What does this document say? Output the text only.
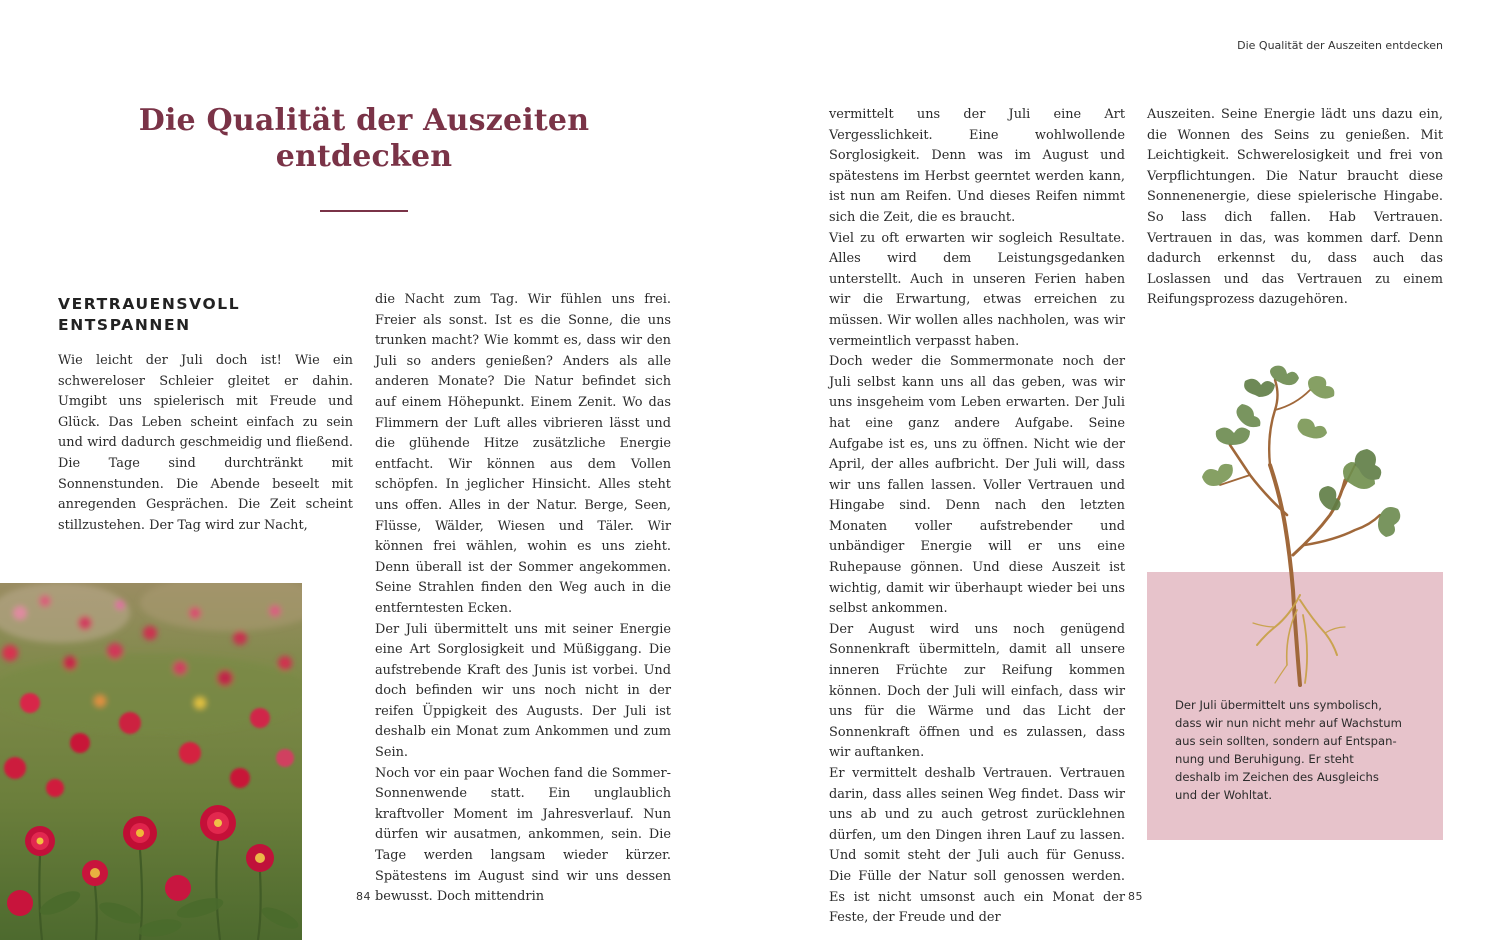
Die Qualität der Auszeiten entdecken
Die Qualität der Auszeiten
entdecken
VERTRAUENSVOLL
ENTSPANNEN

Wie leicht der Juli doch ist! Wie ein schwereloser Schleier gleitet er dahin. Umgibt uns spielerisch mit Freude und Glück. Das Leben scheint einfach zu sein und wird dadurch geschmeidig und fließend. Die Tage sind durchtränkt mit Sonnenstunden. Die Abende beseelt mit anregenden Gesprächen. Die Zeit scheint stillzustehen. Der Tag wird zur Nacht,

die Nacht zum Tag. Wir fühlen uns frei. Freier als sonst. Ist es die Sonne, die uns trunken macht? Wie kommt es, dass wir den Juli so anders genießen? Anders als alle anderen Monate? Die Natur befindet sich auf einem Höhepunkt. Einem Zenit. Wo das Flimmern der Luft alles vibrieren lässt und die glühende Hitze zusätzliche Energie entfacht. Wir können aus dem Vollen schöpfen. In jeglicher Hinsicht. Alles steht uns offen. Alles in der Natur. Berge, Seen, Flüsse, Wälder, Wiesen und Täler. Wir können frei wählen, wohin es uns zieht. Denn überall ist der Sommer angekommen. Seine Strahlen finden den Weg auch in die entferntesten Ecken.

Der Juli übermittelt uns mit seiner Energie eine Art Sorglosigkeit und Müßiggang. Die aufstrebende Kraft des Junis ist vorbei. Und doch befinden wir uns noch nicht in der reifen Üppigkeit des Augusts. Der Juli ist deshalb ein Monat zum Ankommen und zum Sein.

Noch vor ein paar Wochen fand die Sommer-Sonnenwende statt. Ein unglaublich kraftvoller Moment im Jahresverlauf. Nun dürfen wir ausatmen, ankommen, sein. Die Tage werden langsam wieder kürzer. Spätestens im August sind wir uns dessen bewusst. Doch mittendrin

vermittelt uns der Juli eine Art Vergesslichkeit. Eine wohlwollende Sorglosigkeit. Denn was im August und spätestens im Herbst geerntet werden kann, ist nun am Reifen. Und dieses Reifen nimmt sich die Zeit, die es braucht.

Viel zu oft erwarten wir sogleich Resultate. Alles wird dem Leistungsgedanken unterstellt. Auch in unseren Ferien haben wir die Erwartung, etwas erreichen zu müssen. Wir wollen alles nachholen, was wir vermeintlich verpasst haben.

Doch weder die Sommermonate noch der Juli selbst kann uns all das geben, was wir uns insgeheim vom Leben erwarten. Der Juli hat eine ganz andere Aufgabe. Seine Aufgabe ist es, uns zu öffnen. Nicht wie der April, der alles aufbricht. Der Juli will, dass wir uns fallen lassen. Voller Vertrauen und Hingabe sind. Denn nach den letzten Monaten voller aufstrebender und unbändiger Energie will er uns eine Ruhepause gönnen. Und diese Auszeit ist wichtig, damit wir überhaupt wieder bei uns selbst ankommen.

Der August wird uns noch genügend Sonnenkraft übermitteln, damit all unsere inneren Früchte zur Reifung kommen können. Doch der Juli will einfach, dass wir uns für die Wärme und das Licht der Sonnenkraft öffnen und es zulassen, dass wir auftanken.

Er vermittelt deshalb Vertrauen. Vertrauen darin, dass alles seinen Weg findet. Dass wir uns ab und zu auch getrost zurücklehnen dürfen, um den Dingen ihren Lauf zu lassen. Und somit steht der Juli auch für Genuss. Die Fülle der Natur soll genossen werden. Es ist nicht umsonst auch ein Monat der Feste, der Freude und der

Auszeiten. Seine Energie lädt uns dazu ein, die Wonnen des Seins zu genießen. Mit Leichtigkeit. Schwerelosigkeit und frei von Verpflichtungen. Die Natur braucht diese Sonnenenergie, diese spielerische Hingabe. So lass dich fallen. Hab Vertrauen. Vertrauen in das, was kommen darf. Denn dadurch erkennst du, dass auch das Loslassen und das Vertrauen zu einem Reifungsprozess dazugehören.

Der Juli übermittelt uns symbolisch,
dass wir nun nicht mehr auf Wachstum
aus sein sollten, sondern auf Entspan-
nung und Beruhigung. Er steht
deshalb im Zeichen des Ausgleichs
und der Wohltat.

84	85
